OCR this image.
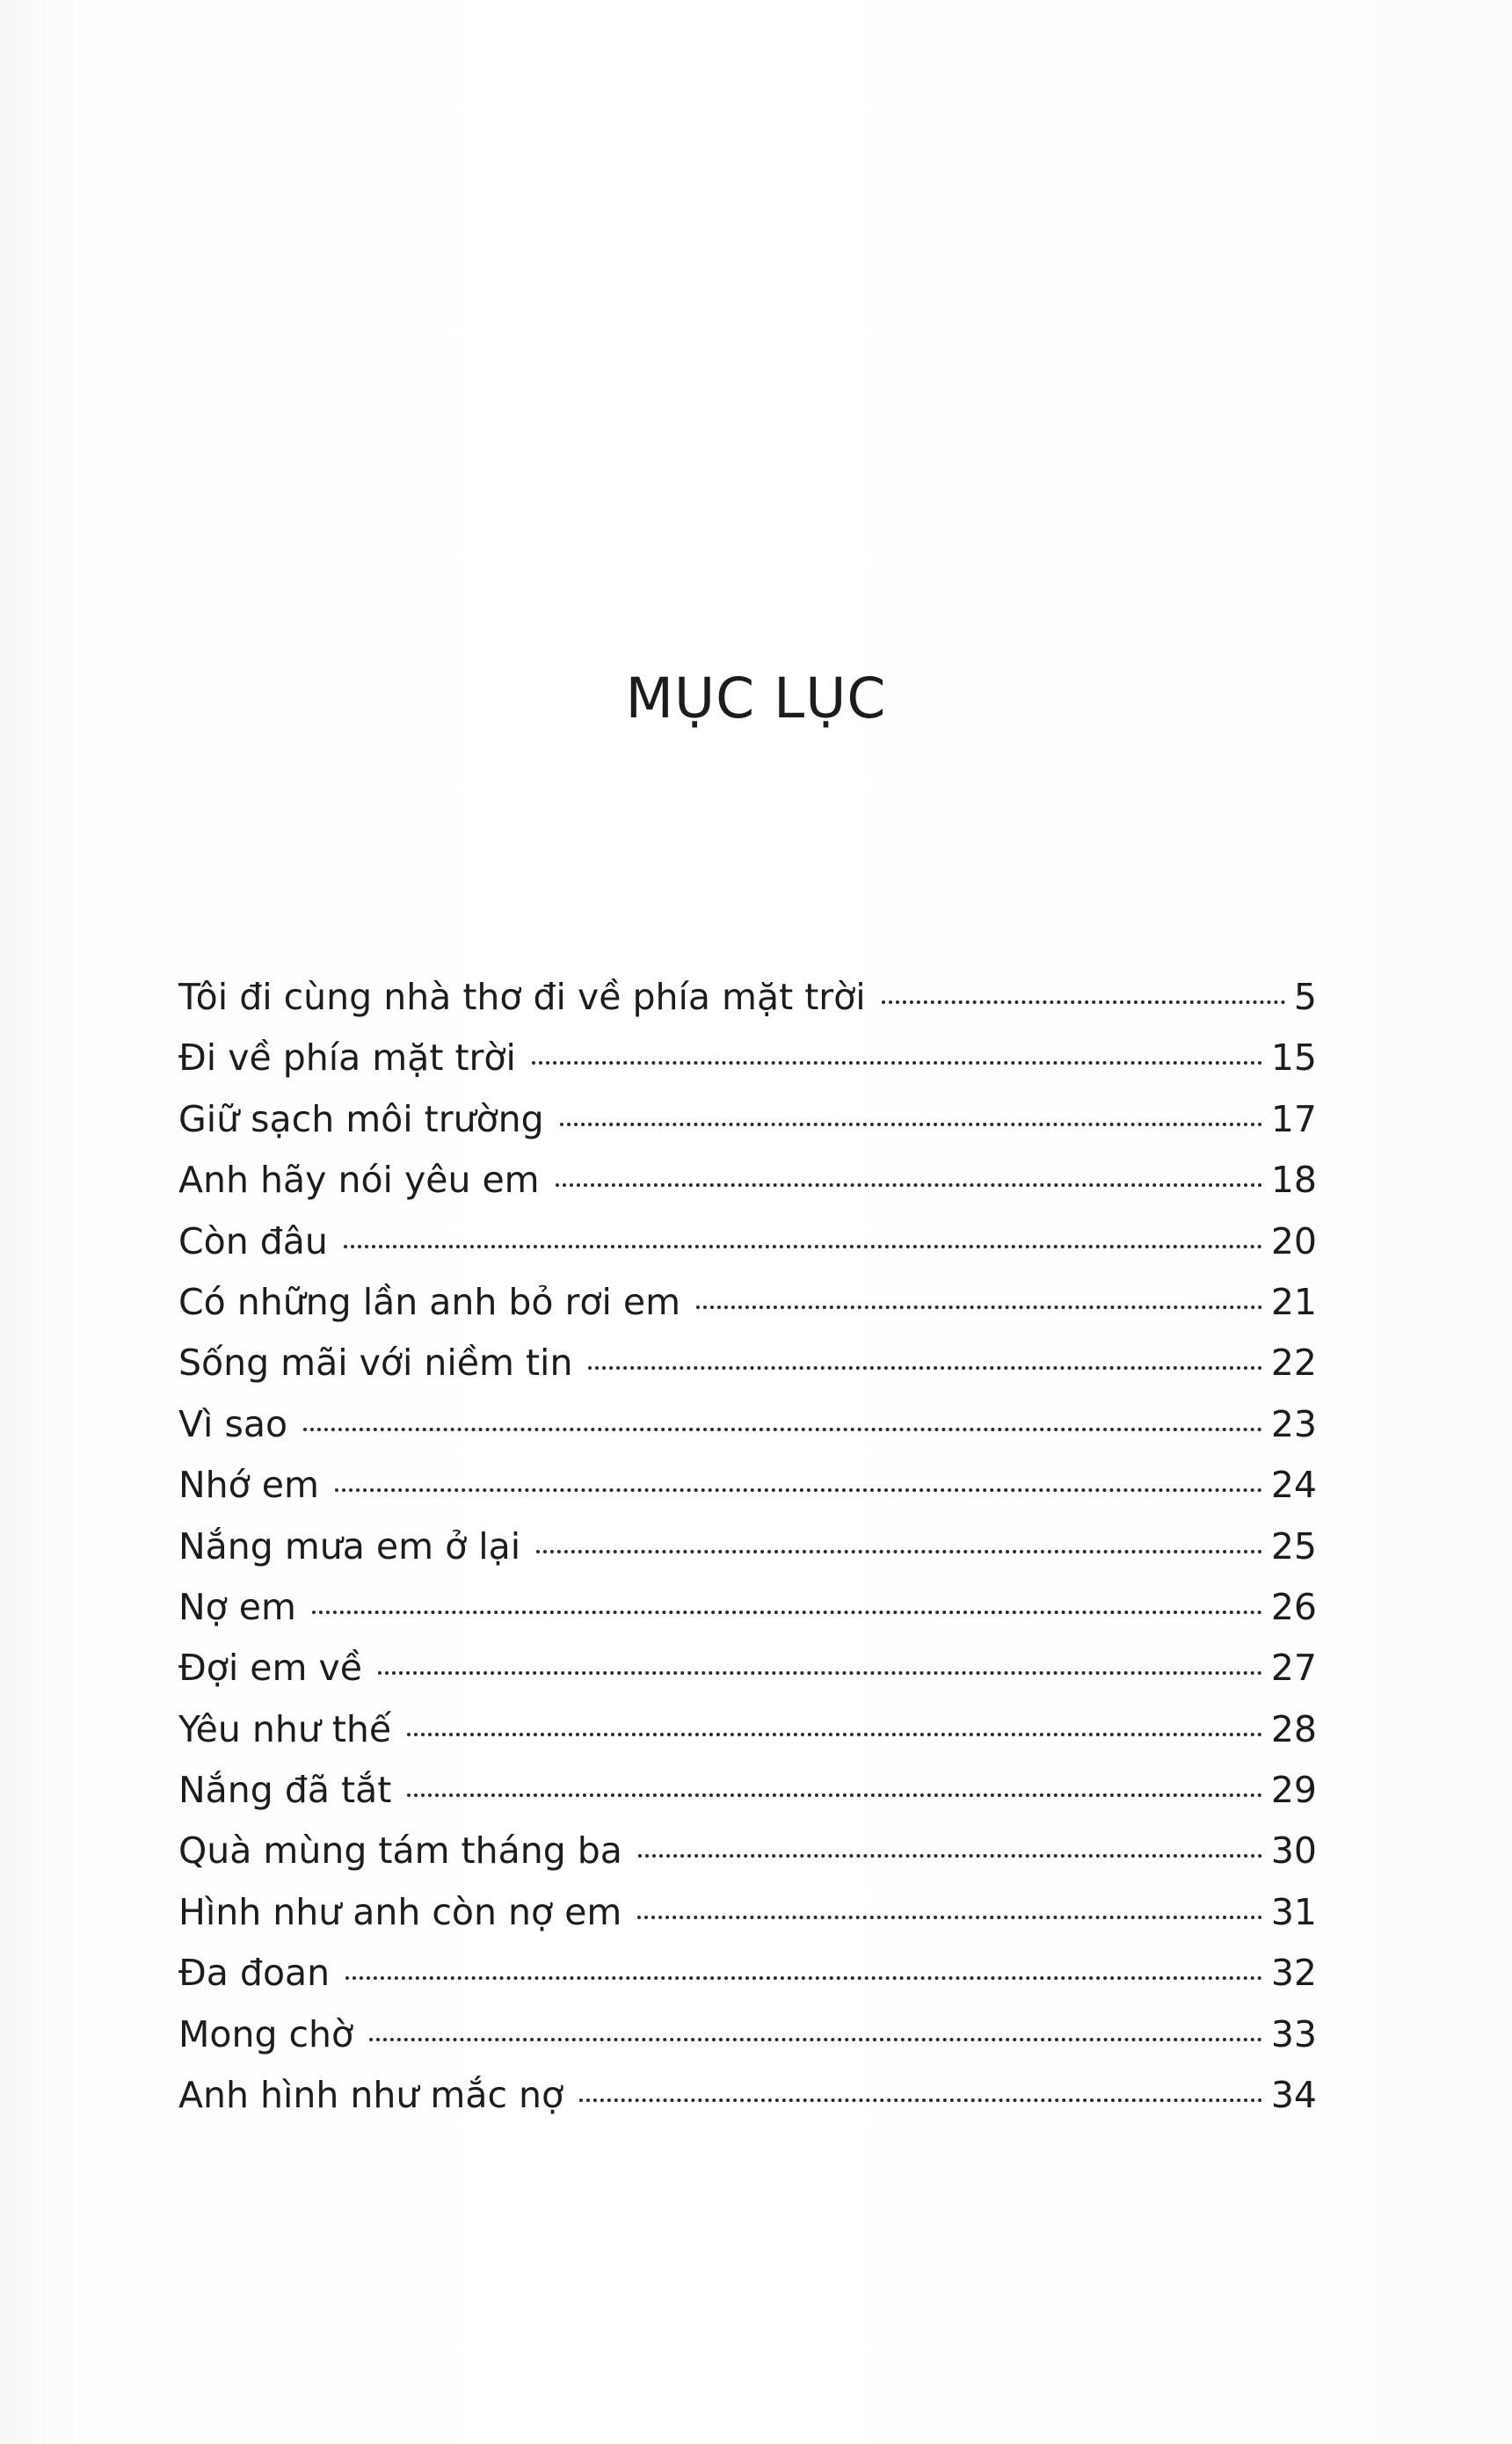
MỤC LỤC
Tôi đi cùng nhà thơ đi về phía mặt trời	5
Đi về phía mặt trời	15
Giữ sạch môi trường	17
Anh hãy nói yêu em	18
Còn đâu	20
Có những lần anh bỏ rơi em	21
Sống mãi với niềm tin	22
Vì sao	23
Nhớ em	24
Nắng mưa em ở lại	25
Nợ em	26
Đợi em về	27
Yêu như thế	28
Nắng đã tắt	29
Quà mùng tám tháng ba	30
Hình như anh còn nợ em	31
Đa đoan	32
Mong chờ	33
Anh hình như mắc nợ	34
